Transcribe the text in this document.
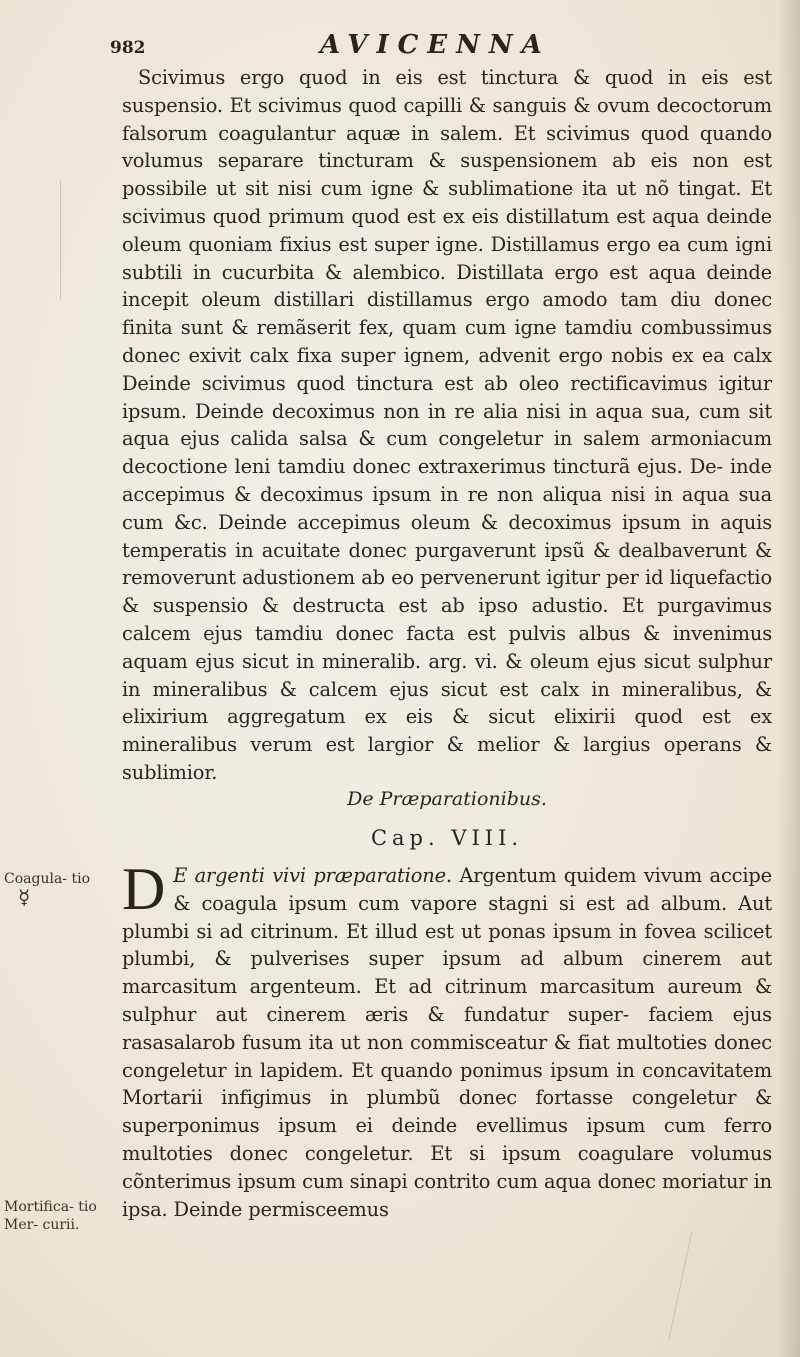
982	AVICENNA

Scivimus ergo quod in eis est tinctura & quod in eis est suspensio. Et scivimus quod capilli & sanguis & ovum decoctorum falsorum coagulantur aquæ in salem. Et scivimus quod quando volumus separare tincturam & suspensionem ab eis non est possibile ut sit nisi cum igne & sublimatione ita ut nõ tingat. Et scivimus quod primum quod est ex eis distillatum est aqua deinde oleum quoniam fixius est super igne. Distillamus ergo ea cum igni subtili in cucurbita & alembico. Distillata ergo est aqua deinde incepit oleum distillari distillamus ergo amodo tam diu donec finita sunt & remãserit fex, quam cum igne tamdiu combussimus donec exivit calx fixa super ignem, advenit ergo nobis ex ea calx Deinde scivimus quod tinctura est ab oleo rectificavimus igitur ipsum. Deinde decoximus non in re alia nisi in aqua sua, cum sit aqua ejus calida salsa & cum congeletur in salem armoniacum decoctione leni tamdiu donec extraxerimus tincturã ejus. De- inde accepimus & decoximus ipsum in re non aliqua nisi in aqua sua cum &c. Deinde accepimus oleum & decoximus ipsum in aquis temperatis in acuitate donec purgaverunt ipsũ & dealbaverunt & removerunt adustionem ab eo pervenerunt igitur per id liquefactio & suspensio & destructa est ab ipso adustio. Et purgavimus calcem ejus tamdiu donec facta est pulvis albus & invenimus aquam ejus sicut in mineralib. arg. vi. & oleum ejus sicut sulphur in mineralibus & calcem ejus sicut est calx in mineralibus, & elixirium aggregatum ex eis & sicut elixirii quod est ex mineralibus verum est largior & melior & largius operans & sublimior.

De Præparationibus.
Cap. VIII.
D E argenti vivi præparatione. Argentum quidem vivum accipe & coagula ipsum cum vapore stagni si est ad album. Aut plumbi si ad citrinum. Et illud est ut ponas ipsum in fovea scilicet plumbi, & pulverises super ipsum ad album cinerem aut marcasitum argenteum. Et ad citrinum marcasitum aureum & sulphur aut cinerem æris & fundatur super- faciem ejus rasasalarob fusum ita ut non commisceatur & fiat multoties donec congeletur in lapidem. Et quando ponimus ipsum in concavitatem Mortarii infigimus in plumbũ donec fortasse congeletur & superponimus ipsum ei deinde evellimus ipsum cum ferro multoties donec congeletur. Et si ipsum coagulare volumus cõnterimus ipsum cum sinapi contrito cum aqua donec moriatur in ipsa. Deinde permisceemus
Coagula- tio
☿
Mortifica- tio Mer- curii.
